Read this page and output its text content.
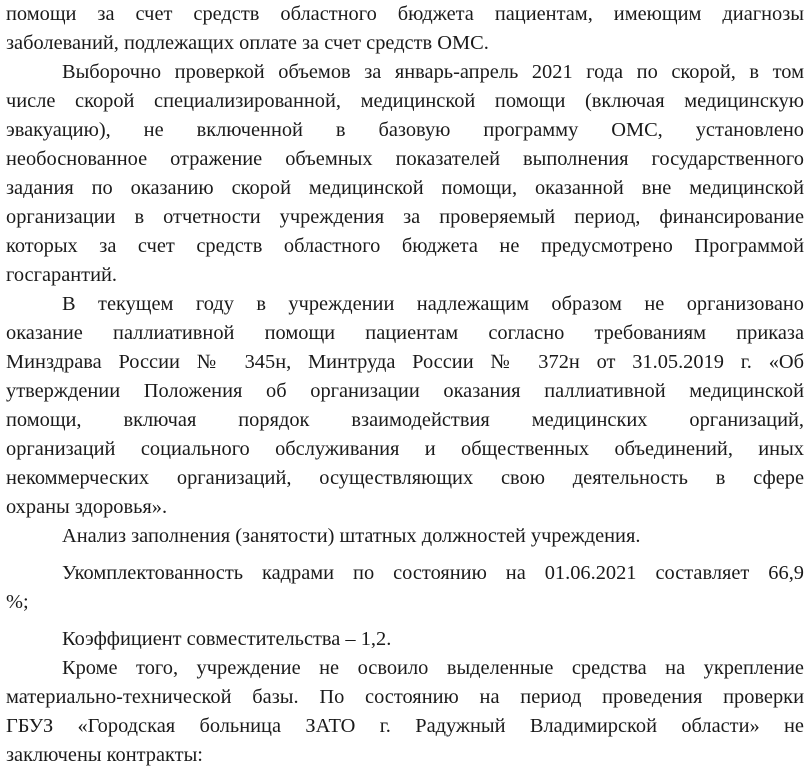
помощи за счет средств областного бюджета пациентам, имеющим диагнозы
заболеваний, подлежащих оплате за счет средств ОМС.
Выборочно проверкой объемов за январь-апрель 2021 года по скорой, в том
числе скорой специализированной, медицинской помощи (включая медицинскую
эвакуацию), не включенной в базовую программу ОМС, установлено
необоснованное отражение объемных показателей выполнения государственного
задания по оказанию скорой медицинской помощи, оказанной вне медицинской
организации в отчетности учреждения за проверяемый период, финансирование
которых за счет средств областного бюджета не предусмотрено Программой
госгарантий.
В текущем году в учреждении надлежащим образом не организовано
оказание паллиативной помощи пациентам согласно требованиям приказа
Минздрава России № 345н, Минтруда России № 372н от 31.05.2019 г. «Об
утверждении Положения об организации оказания паллиативной медицинской
помощи, включая порядок взаимодействия медицинских организаций,
организаций социального обслуживания и общественных объединений, иных
некоммерческих организаций, осуществляющих свою деятельность в сфере
охраны здоровья».
Анализ заполнения (занятости) штатных должностей учреждения.
Укомплектованность кадрами по состоянию на 01.06.2021 составляет 66,9
%;
Коэффициент совместительства – 1,2.
Кроме того, учреждение не освоило выделенные средства на укрепление
материально-технической базы. По состоянию на период проведения проверки
ГБУЗ «Городская больница ЗАТО г. Радужный Владимирской области» не
заключены контракты:
